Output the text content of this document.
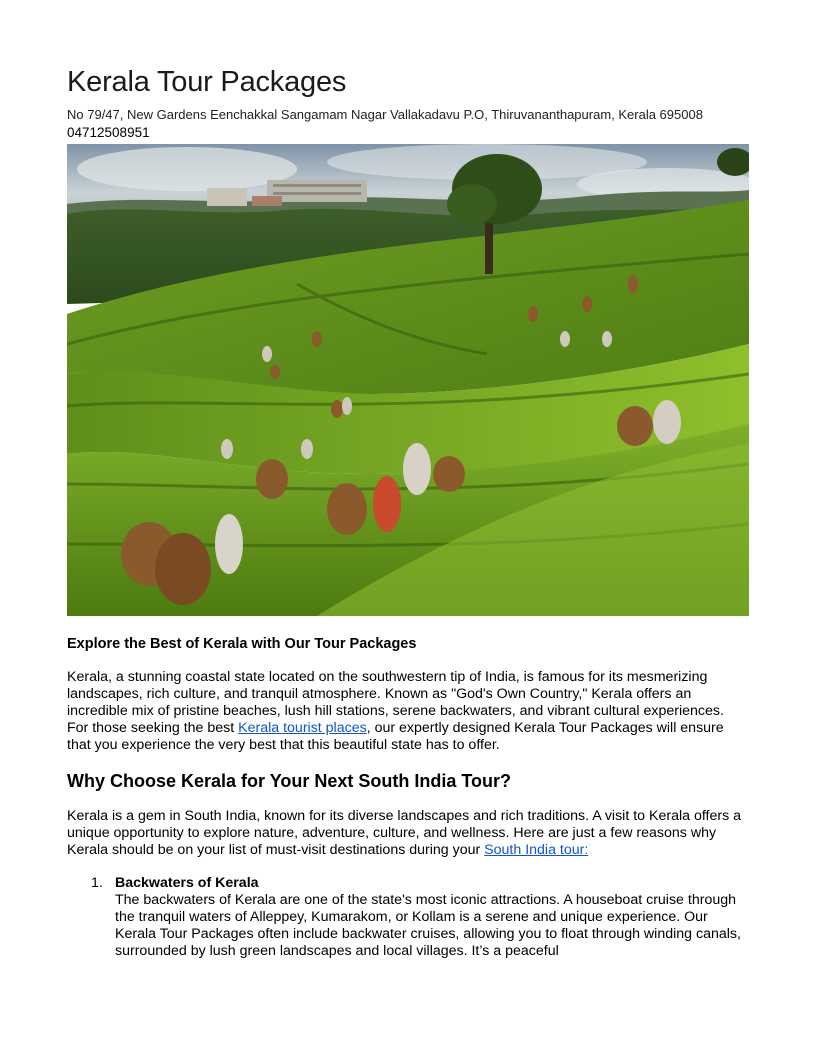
Kerala Tour Packages
No 79/47, New Gardens Eenchakkal Sangamam Nagar Vallakadavu P.O, Thiruvananthapuram, Kerala 695008
04712508951
Explore the Best of Kerala with Our Tour Packages

Kerala, a stunning coastal state located on the southwestern tip of India, is famous for its mesmerizing landscapes, rich culture, and tranquil atmosphere. Known as "God's Own Country," Kerala offers an incredible mix of pristine beaches, lush hill stations, serene backwaters, and vibrant cultural experiences. For those seeking the best Kerala tourist places, our expertly designed Kerala Tour Packages will ensure that you experience the very best that this beautiful state has to offer.

Why Choose Kerala for Your Next South India Tour?

Kerala is a gem in South India, known for its diverse landscapes and rich traditions. A visit to Kerala offers a unique opportunity to explore nature, adventure, culture, and wellness. Here are just a few reasons why Kerala should be on your list of must-visit destinations during your South India tour:

1. Backwaters of Kerala
The backwaters of Kerala are one of the state's most iconic attractions. A houseboat cruise through the tranquil waters of Alleppey, Kumarakom, or Kollam is a serene and unique experience. Our Kerala Tour Packages often include backwater cruises, allowing you to float through winding canals, surrounded by lush green landscapes and local villages. It’s a peaceful
